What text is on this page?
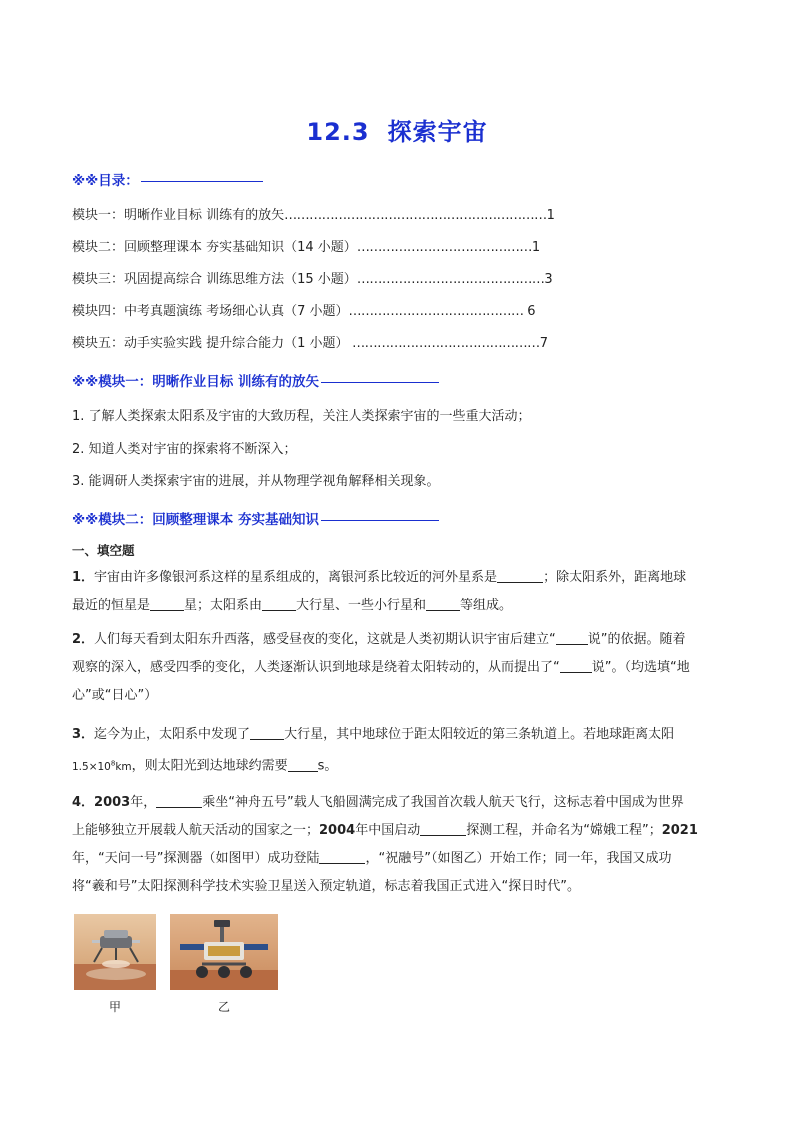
12.3 探索宇宙
※※目录：
模块一：明晰作业目标 训练有的放矢………………………………………………………1
模块二：回顾整理课本 夯实基础知识（14 小题）……………………………………1
模块三：巩固提高综合 训练思维方法（15 小题）………………………………………3
模块四：中考真题演练 考场细心认真（7 小题）…………………………………… 6
模块五：动手实验实践 提升综合能力（1 小题） ………………………………………7
※※模块一：明晰作业目标 训练有的放矢
1. 了解人类探索太阳系及宇宙的大致历程，关注人类探索宇宙的一些重大活动；
2. 知道人类对宇宙的探索将不断深入；
3. 能调研人类探索宇宙的进展，并从物理学视角解释相关现象。
※※模块二：回顾整理课本 夯实基础知识
一、填空题
1．宇宙由许多像银河系这样的星系组成的，离银河系比较近的河外星系是	；除太阳系外，距离地球
最近的恒星是	星；太阳系由	大行星、一些小行星和	等组成。
2．人们每天看到太阳东升西落，感受昼夜的变化，这就是人类初期认识宇宙后建立“ 说”的依据。随着
观察的深入，感受四季的变化，人类逐渐认识到地球是绕着太阳转动的，从而提出了“ 说”。（均选填“地
心”或“日心”）
3．迄今为止，太阳系中发现了	大行星，其中地球位于距太阳较近的第三条轨道上。若地球距离太阳
$1.5\times 10^8km$，则太阳光到达地球约需要 s。
4．2003年，	乘坐“神舟五号”载人飞船圆满完成了我国首次载人航天飞行，这标志着中国成为世界
上能够独立开展载人航天活动的国家之一；2004年中国启动	探测工程，并命名为“嫦娥工程”；2021
年，“天问一号”探测器（如图甲）成功登陆	，“祝融号”（如图乙）开始工作；同一年，我国又成功
将“羲和号”太阳探测科学技术实验卫星送入预定轨道，标志着我国正式进入“探日时代”。
甲	乙
